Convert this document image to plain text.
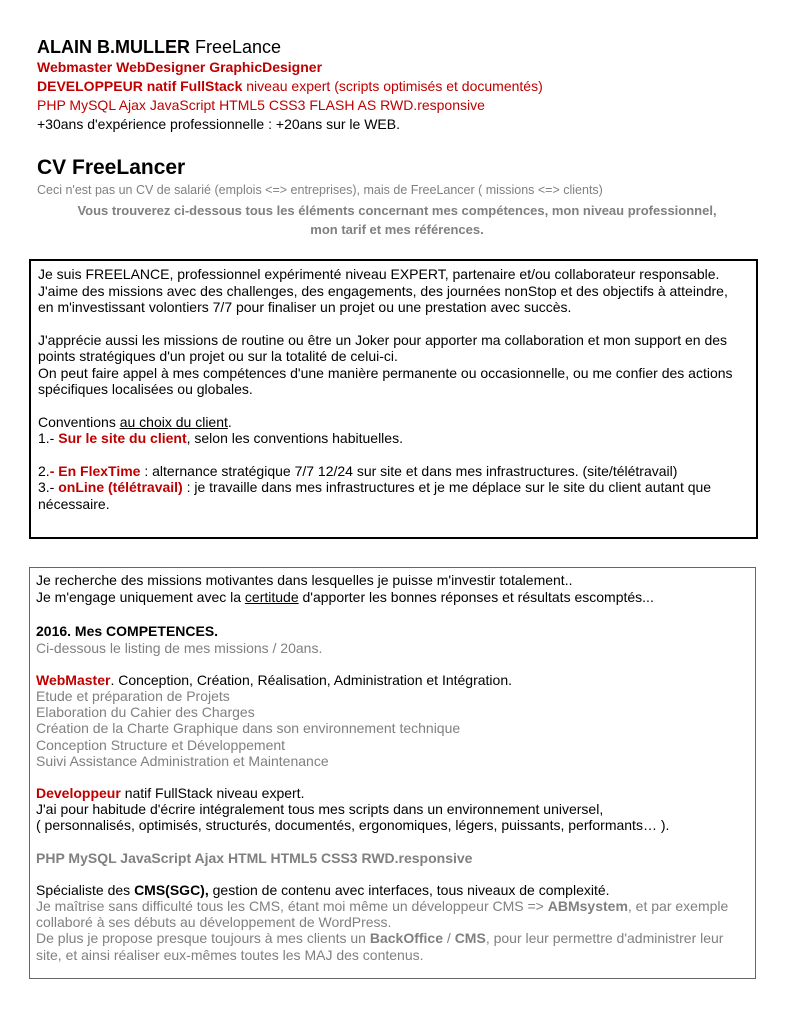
ALAIN B.MULLER FreeLance
Webmaster WebDesigner GraphicDesigner
DEVELOPPEUR natif FullStack niveau expert (scripts optimisés et documentés)
PHP MySQL Ajax JavaScript HTML5 CSS3 FLASH AS RWD.responsive
+30ans d'expérience professionnelle : +20ans sur le WEB.
CV FreeLancer
Ceci n'est pas un CV de salarié (emplois <=> entreprises), mais de FreeLancer ( missions <=> clients)
Vous trouverez ci-dessous tous les éléments concernant mes compétences, mon niveau professionnel,
mon tarif et mes références.
Je suis FREELANCE, professionnel expérimenté niveau EXPERT, partenaire et/ou collaborateur responsable.
J'aime des missions avec des challenges, des engagements, des journées nonStop et des objectifs à atteindre,
en m'investissant volontiers 7/7 pour finaliser un projet ou une prestation avec succès.
J'apprécie aussi les missions de routine ou être un Joker pour apporter ma collaboration et mon support en des
points stratégiques d'un projet ou sur la totalité de celui-ci.
On peut faire appel à mes compétences d'une manière permanente ou occasionnelle, ou me confier des actions
spécifiques localisées ou globales.
Conventions au choix du client.
1.- Sur le site du client, selon les conventions habituelles.
2.- En FlexTime : alternance stratégique 7/7 12/24 sur site et dans mes infrastructures. (site/télétravail)
3.- onLine (télétravail) : je travaille dans mes infrastructures et je me déplace sur le site du client autant que
nécessaire.
Je recherche des missions motivantes dans lesquelles je puisse m'investir totalement..
Je m'engage uniquement avec la certitude d'apporter les bonnes réponses et résultats escomptés...
2016. Mes COMPETENCES.
Ci-dessous le listing de mes missions / 20ans.
WebMaster. Conception, Création, Réalisation, Administration et Intégration.
Etude et préparation de Projets
Elaboration du Cahier des Charges
Création de la Charte Graphique dans son environnement technique
Conception Structure et Développement
Suivi Assistance Administration et Maintenance
Developpeur natif FullStack niveau expert.
J'ai pour habitude d'écrire intégralement tous mes scripts dans un environnement universel,
( personnalisés, optimisés, structurés, documentés, ergonomiques, légers, puissants, performants… ).
PHP MySQL JavaScript Ajax HTML HTML5 CSS3 RWD.responsive
Spécialiste des CMS(SGC), gestion de contenu avec interfaces, tous niveaux de complexité.
Je maîtrise sans difficulté tous les CMS, étant moi même un développeur CMS => ABMsystem, et par exemple
collaboré à ses débuts au développement de WordPress.
De plus je propose presque toujours à mes clients un BackOffice / CMS, pour leur permettre d'administrer leur
site, et ainsi réaliser eux-mêmes toutes les MAJ des contenus.
